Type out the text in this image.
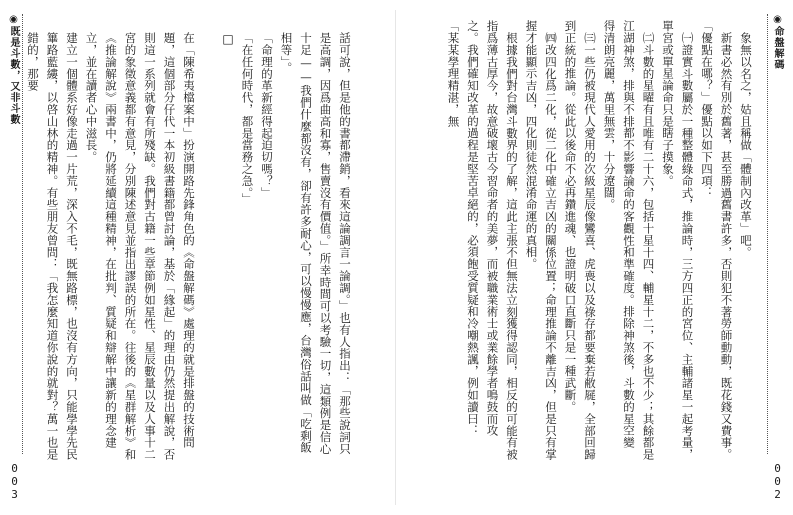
◉既是斗數，又非斗數	話可說，但是他的書都滯銷，看來這論調言一論調。」也有人指出：「那些說詞只是高調，因爲曲高和寡，售賣沒有價值。」所幸時間可以考驗一切，這類例是信心十足——我們什麼都沒有，卻有許多耐心，可以慢慢應，台灣俗話叫做「吃剩飯相等」。

「命理的革新經得起迫切嗎？」

「在任何時代，都是當務之急。」

□

在「陳希夷檔案中」扮演開路先鋒角色的《命盤解碼》處理的就是排盤的技術問題，這個部分仔代一本初級書籍都曾討論，基於「緣起」的理由仍然提出解說，否則這一系列就會有所殘缺。我們對古籍一些章節例如星性、星辰數量以及人事十二宮的象徵意義都有意見，分別陳述意見並指出謬誤的所在。往後的《星群解析》和《推論解說》兩書中，仍將延續這種精神，在批判、質疑和辯解中讓新的理念建立，並在讀者心中滋長。

建立一個體系好像走過一片荒，深入不毛，既無路標，也沒有方向，只能學學先民篳路藍縷，以啓山林的精神。有些朋友曾問：「我怎麼知道你說的就對？萬一也是錯的，那要

003

象無以名之，姑且稱做「體制內改革」吧。

新書必然有別於舊著，甚至勝過舊書許多，否則犯不著勞師動動，既花錢又費事。「優點在哪？」優點以如下四項：

㈠證實斗數屬於一種整體綠命式，推論時，三方四正的宮位、主輔諸星一起考量，單宮或單星論命只是瞎子摸象。

㈡斗數的星曜有且唯有二十六，包括十星十四、輔星十二，不多也不少；其餘都是江湖神煞，排與不排都不影響論命的客觀性和準確度。排除神煞後，斗數的星空變得清朗亮麗，萬里無雲，十分遼闊。

㈢一些仍被現代人愛用的次級星辰像鸞喜、虎喪以及祿存都要棄若敝屣，全部回歸到正統的推論。從此以後命不必再鑽進魂、也證明破口直斷只是一種武斷。

㈣改四化爲二化，從二化中確立吉凶的關係位置；命理推論不離吉凶，但是只有掌握才能顯示吉凶，四化則徒然混淆命運的真相。

根據我們對台灣斗數界的了解，這此主張不但無法立刻獲得認同，相反的可能有被指爲薄古厚今，故意破壞古今習命者的美夢，而被職業術士或業餘學者鳴鼓而攻之。我們確知改革的過程是堅苦卓絕的，必須飽受質疑和冷嘲熱諷，例如讀曰：「某某學理精湛，無	◉命盤解碼
002
